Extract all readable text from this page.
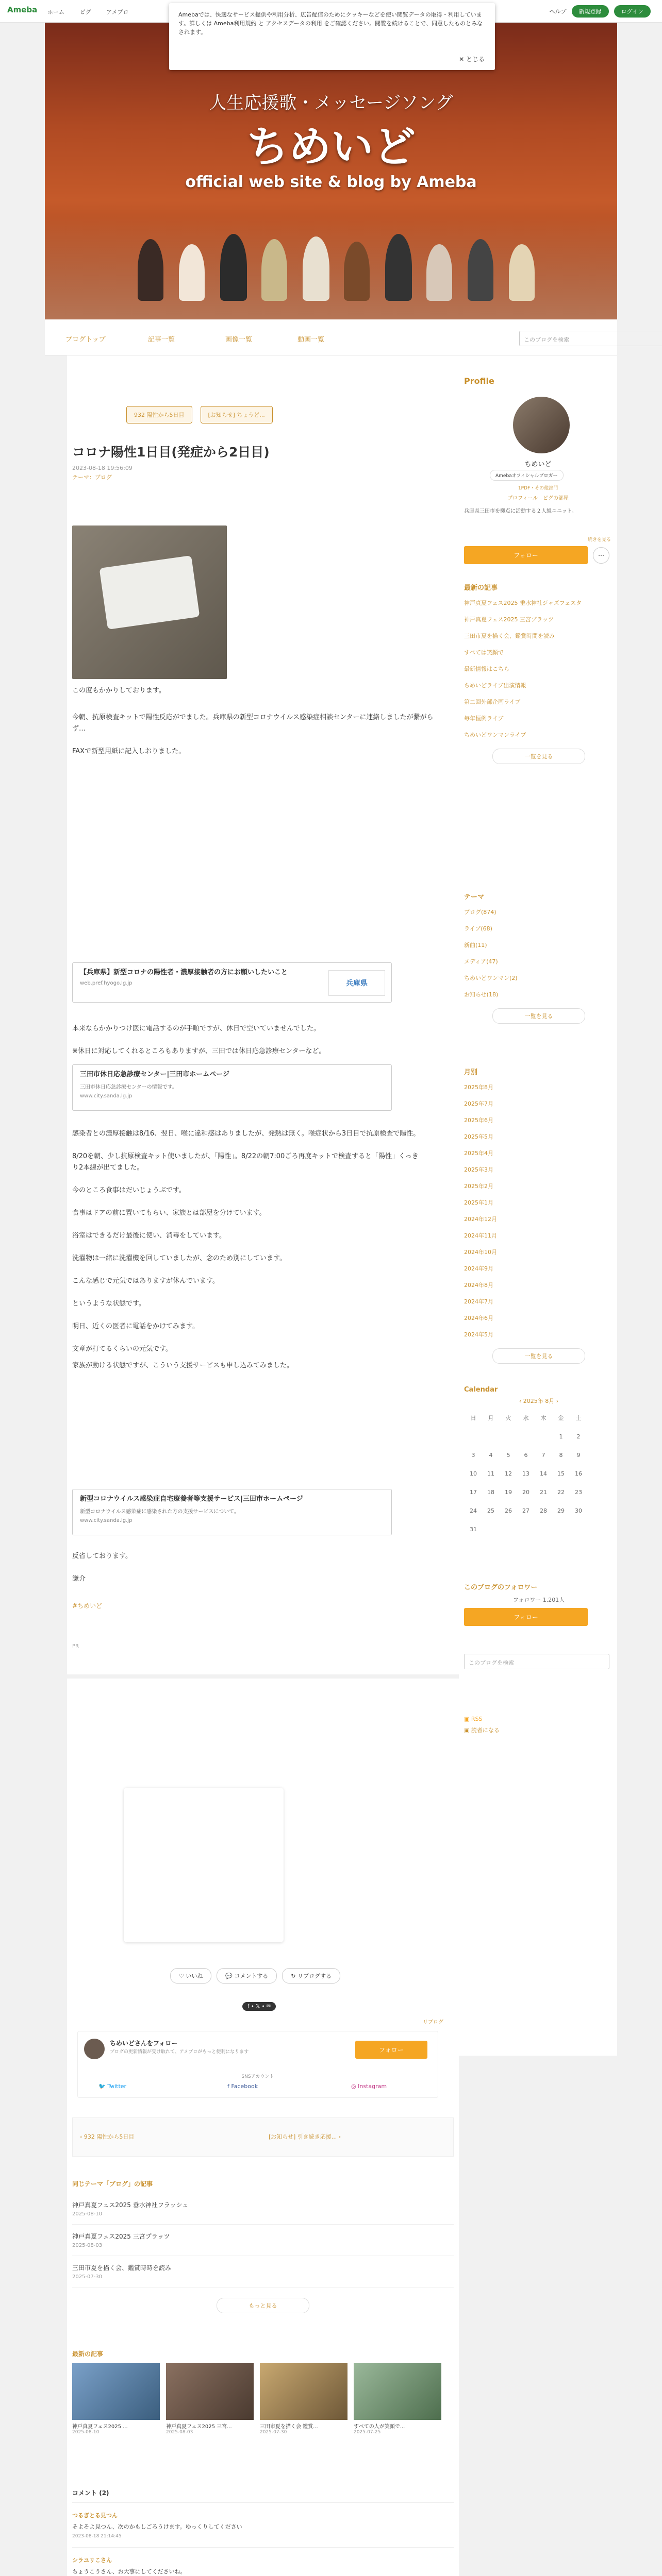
Ameba ホーム	ピグ	アメブロ	ヘルプ	新規登録	ログイン
人生応援歌・メッセージソング
ちめいど
official web site & blog by Ameba
Amebaでは、快適なサービス提供や利用分析、広告配信のためにクッキーなどを使い閲覧データの取得・利用しています。詳しくは Ameba利用規約 と アクセスデータの利用 をご確認ください。閲覧を続けることで、同意したものとみなされます。
✕ とじる
ブログトップ	記事一覧	画像一覧	動画一覧	このブログを検索
932 陽性から5日目	[お知らせ] ちょうど...
コロナ陽性1日目(発症から2日目)
2023-08-18 19:56:09
テーマ：ブログ

この度もかかりしております。

今朝、抗原検査キットで陽性反応がでました。兵庫県の新型コロナウイルス感染症相談センターに連絡しましたが繋がらず…

FAXで新型用紙に記入しおりました。

【兵庫県】新型コロナの陽性者・濃厚接触者の方にお願いしたいこと
web.pref.hyogo.lg.jp	兵庫県

本来ならかかりつけ医に電話するのが手順ですが、休日で空いていませんでした。

※休日に対応してくれるところもありますが、三田では休日応急診療センターなど。

三田市休日応急診療センター|三田市ホームページ
三田市休日応急診療センターの情報です。
www.city.sanda.lg.jp

感染者との濃厚接触は8/16、翌日、喉に違和感はありましたが、発熱は無く。喉症状から3日目で抗原検査で陽性。

8/20を朝、少し抗原検査キット使いましたが、「陽性」。8/22の朝7:00ごろ再度キットで検査すると「陽性」くっきり2本線が出てました。

今のところ食事はだいじょうぶです。

食事はドアの前に置いてもらい、家族とは部屋を分けています。

浴室はできるだけ最後に使い、消毒をしています。

洗濯物は一緒に洗濯機を回していましたが、念のため別にしています。

こんな感じで元気ではありますが休んでいます。

というような状態です。

明日、近くの医者に電話をかけてみます。

文章が打てるくらいの元気です。

家族が動ける状態ですが、こういう支援サービスも申し込みてみました。

新型コロナウイルス感染症自宅療養者等支援サービス|三田市ホームページ
新型コロナウイルス感染症に感染された方の支援サービスについて。
www.city.sanda.lg.jp

反省しております。

謙介

#ちめいど
PR
♡ いいね	💬 コメントする	↻ リブログする
f ∙ 𝕏 ∙ ✉
リブログ
ちめいどさんをフォロー
ブログの更新情報が受け取れて、アメブロがもっと便利になります	フォロー
SNSアカウント
🐦 Twitter	f Facebook	◎ Instagram
‹ 932 陽性から5日目	[お知らせ] 引き続き応援... ›
同じテーマ「ブログ」の記事
神戸真夏フェス2025 垂水神社フラッシュ
2025-08-10
神戸真夏フェス2025 三宮プラッツ
2025-08-03
三田市夏を描く会、鑑賞時時を読み
2025-07-30
もっと見る
最新の記事
神戸真夏フェス2025 ...
2025-08-10
神戸真夏フェス2025 三宮...
2025-08-03
三田市夏を描く会 鑑賞...
2025-07-30
すべての人が笑顔で...
2025-07-25
コメント (2)
つるぎとる見つん
そよそよ見つん、次のかもしごろうけます。ゆっくりしてください
2023-08-18 21:14:45
シラユリこさん
ちょうこうさん、お大事にしてくださいね。
Profile
ちめいど
Amebaオフィシャルブロガー
1PDF・その他部門
プロフィール　 ピグの部屋
兵庫県三田市を拠点に活動する２人組ユニット。
続きを見る
フォロー	⋯
最新の記事
神戸真夏フェス2025 垂水神社ジャズフェスタ
神戸真夏フェス2025 三宮プラッツ
三田市夏を描く会、鑑賞時間を読み
すべては笑顔で
最新情報はこちら
ちめいどライブ出演情報
第二回外部企画ライブ
毎年恒例ライブ
ちめいどワンマンライブ
一覧を見る
テーマ
ブログ(874)
ライブ(68)
新曲(11)
メディア(47)
ちめいどワンマン(2)
お知らせ(18)
一覧を見る
月別
2025年8月
2025年7月
2025年6月
2025年5月
2025年4月
2025年3月
2025年2月
2025年1月
2024年12月
2024年11月
2024年10月
2024年9月
2024年8月
2024年7月
2024年6月
2024年5月
一覧を見る
Calendar
‹ 2025年 8月 ›
日	月	火	水	木	金	土
					1	2
3	4	5	6	7	8	9
10	11	12	13	14	15	16
17	18	19	20	21	22	23
24	25	26	27	28	29	30
31						
このブログのフォロワー
フォロワー 1,201人
フォロー
このブログを検索
▣ RSS
▣ 読者になる
